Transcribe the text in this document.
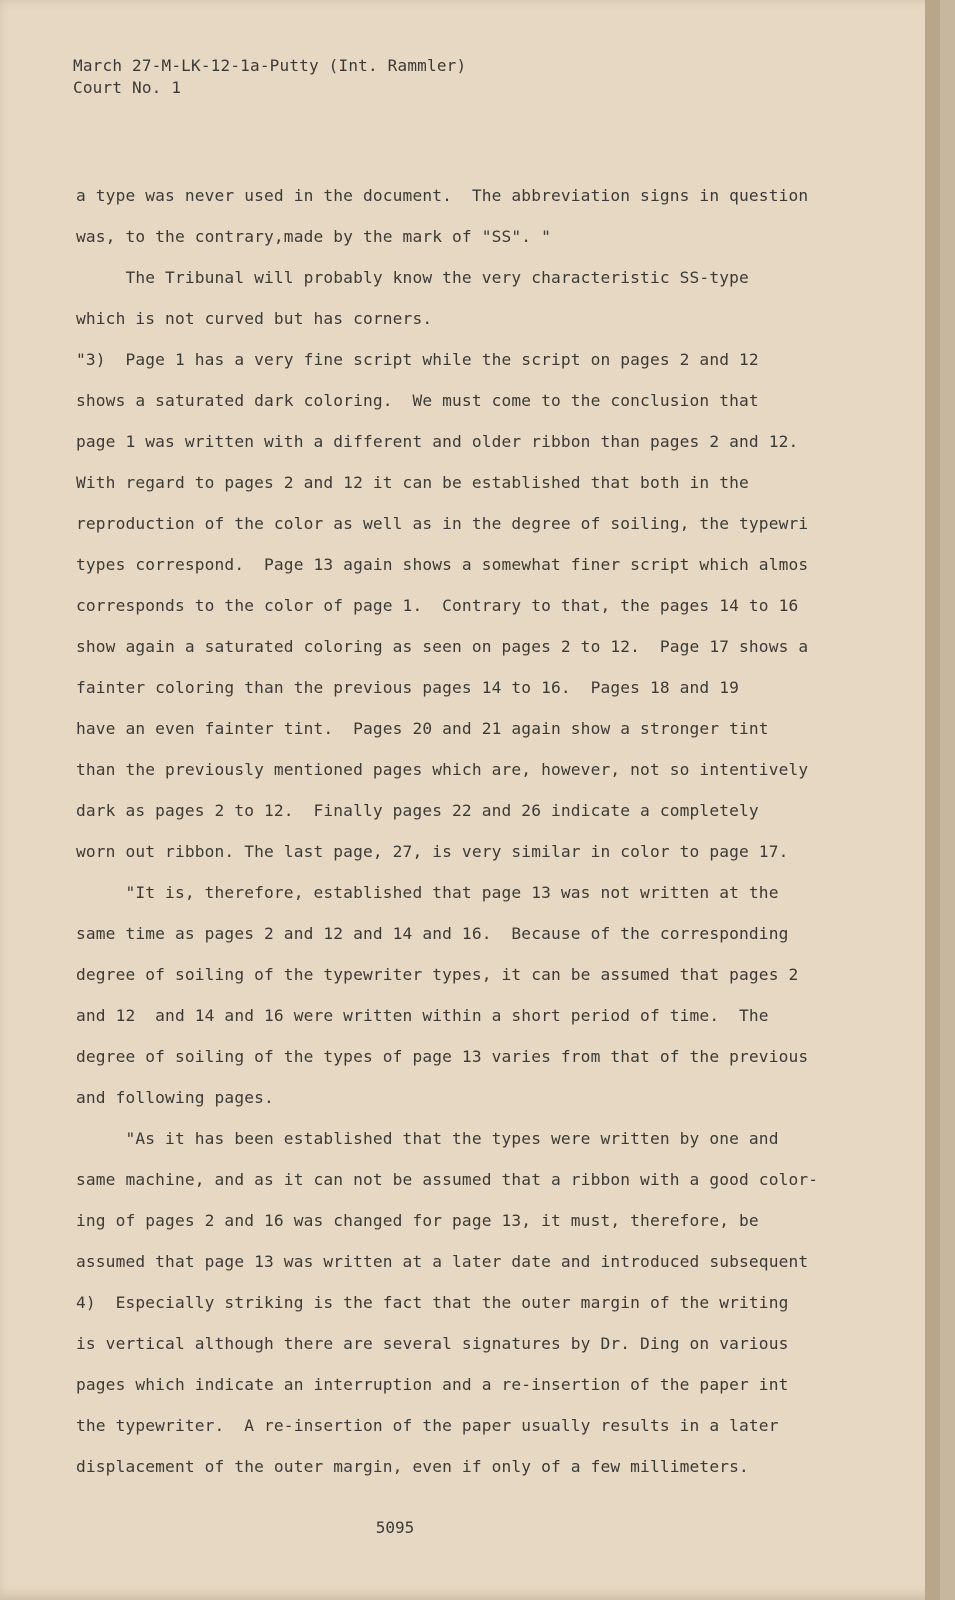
March 27-M-LK-12-1a-Putty (Int. Rammler)
Court No. 1
a type was never used in the document.  The abbreviation signs in question
was, to the contrary,made by the mark of "SS". "
The Tribunal will probably know the very characteristic SS-type
which is not curved but has corners.
"3)  Page 1 has a very fine script while the script on pages 2 and 12
shows a saturated dark coloring.  We must come to the conclusion that
page 1 was written with a different and older ribbon than pages 2 and 12.
With regard to pages 2 and 12 it can be established that both in the
reproduction of the color as well as in the degree of soiling, the typewri
types correspond.  Page 13 again shows a somewhat finer script which almos
corresponds to the color of page 1.  Contrary to that, the pages 14 to 16
show again a saturated coloring as seen on pages 2 to 12.  Page 17 shows a
fainter coloring than the previous pages 14 to 16.  Pages 18 and 19
have an even fainter tint.  Pages 20 and 21 again show a stronger tint
than the previously mentioned pages which are, however, not so intentively
dark as pages 2 to 12.  Finally pages 22 and 26 indicate a completely
worn out ribbon. The last page, 27, is very similar in color to page 17.
"It is, therefore, established that page 13 was not written at the
same time as pages 2 and 12 and 14 and 16.  Because of the corresponding
degree of soiling of the typewriter types, it can be assumed that pages 2
and 12  and 14 and 16 were written within a short period of time.  The
degree of soiling of the types of page 13 varies from that of the previous
and following pages.
"As it has been established that the types were written by one and
same machine, and as it can not be assumed that a ribbon with a good color-
ing of pages 2 and 16 was changed for page 13, it must, therefore, be
assumed that page 13 was written at a later date and introduced subsequent
4)  Especially striking is the fact that the outer margin of the writing
is vertical although there are several signatures by Dr. Ding on various
pages which indicate an interruption and a re-insertion of the paper int
the typewriter.  A re-insertion of the paper usually results in a later
displacement of the outer margin, even if only of a few millimeters.
5095
